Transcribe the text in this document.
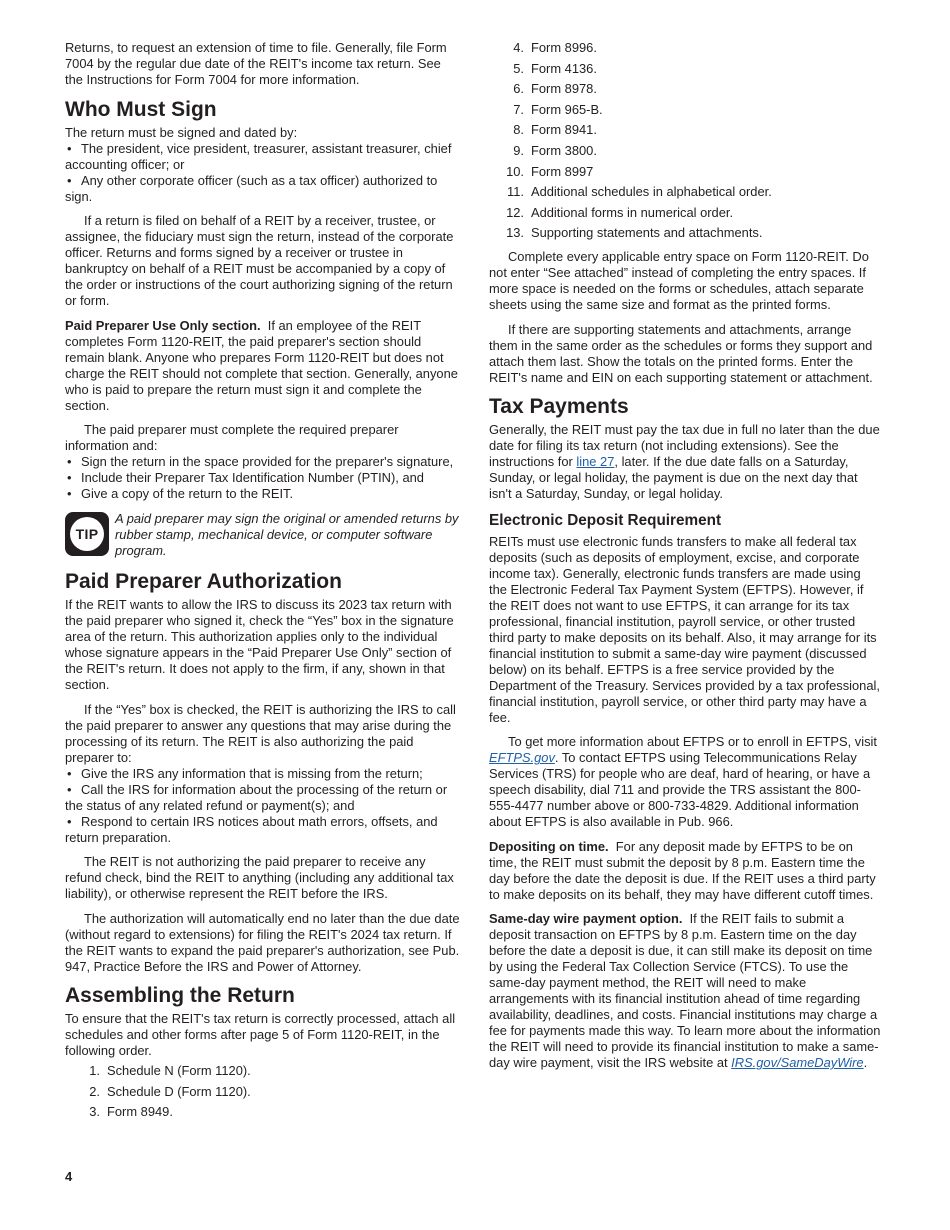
Returns, to request an extension of time to file. Generally, file Form 7004 by the regular due date of the REIT's income tax return. See the Instructions for Form 7004 for more information.

Who Must Sign
The return must be signed and dated by:
• The president, vice president, treasurer, assistant treasurer, chief accounting officer; or
• Any other corporate officer (such as a tax officer) authorized to sign.

If a return is filed on behalf of a REIT by a receiver, trustee, or assignee, the fiduciary must sign the return, instead of the corporate officer. Returns and forms signed by a receiver or trustee in bankruptcy on behalf of a REIT must be accompanied by a copy of the order or instructions of the court authorizing signing of the return or form.

Paid Preparer Use Only section. If an employee of the REIT completes Form 1120-REIT, the paid preparer's section should remain blank. Anyone who prepares Form 1120-REIT but does not charge the REIT should not complete that section. Generally, anyone who is paid to prepare the return must sign it and complete the section.

The paid preparer must complete the required preparer information and:
• Sign the return in the space provided for the preparer's signature,
• Include their Preparer Tax Identification Number (PTIN), and
• Give a copy of the return to the REIT.
TIP
A paid preparer may sign the original or amended returns by rubber stamp, mechanical device, or computer software program.
Paid Preparer Authorization

If the REIT wants to allow the IRS to discuss its 2023 tax return with the paid preparer who signed it, check the “Yes” box in the signature area of the return. This authorization applies only to the individual whose signature appears in the “Paid Preparer Use Only” section of the REIT's return. It does not apply to the firm, if any, shown in that section.

If the “Yes” box is checked, the REIT is authorizing the IRS to call the paid preparer to answer any questions that may arise during the processing of its return. The REIT is also authorizing the paid preparer to:
• Give the IRS any information that is missing from the return;
• Call the IRS for information about the processing of the return or the status of any related refund or payment(s); and
• Respond to certain IRS notices about math errors, offsets, and return preparation.

The REIT is not authorizing the paid preparer to receive any refund check, bind the REIT to anything (including any additional tax liability), or otherwise represent the REIT before the IRS.

The authorization will automatically end no later than the due date (without regard to extensions) for filing the REIT's 2024 tax return. If the REIT wants to expand the paid preparer's authorization, see Pub. 947, Practice Before the IRS and Power of Attorney.

Assembling the Return

To ensure that the REIT's tax return is correctly processed, attach all schedules and other forms after page 5 of Form 1120-REIT, in the following order.

1. Schedule N (Form 1120).
2. Schedule D (Form 1120).
3. Form 8949.
4. Form 8996.
5. Form 4136.
6. Form 8978.
7. Form 965-B.
8. Form 8941.
9. Form 3800.
10. Form 8997
11. Additional schedules in alphabetical order.
12. Additional forms in numerical order.
13. Supporting statements and attachments.

Complete every applicable entry space on Form 1120-REIT. Do not enter “See attached” instead of completing the entry spaces. If more space is needed on the forms or schedules, attach separate sheets using the same size and format as the printed forms.

If there are supporting statements and attachments, arrange them in the same order as the schedules or forms they support and attach them last. Show the totals on the printed forms. Enter the REIT's name and EIN on each supporting statement or attachment.

Tax Payments

Generally, the REIT must pay the tax due in full no later than the due date for filing its tax return (not including extensions). See the instructions for line 27, later. If the due date falls on a Saturday, Sunday, or legal holiday, the payment is due on the next day that isn't a Saturday, Sunday, or legal holiday.

Electronic Deposit Requirement

REITs must use electronic funds transfers to make all federal tax deposits (such as deposits of employment, excise, and corporate income tax). Generally, electronic funds transfers are made using the Electronic Federal Tax Payment System (EFTPS). However, if the REIT does not want to use EFTPS, it can arrange for its tax professional, financial institution, payroll service, or other trusted third party to make deposits on its behalf. Also, it may arrange for its financial institution to submit a same-day wire payment (discussed below) on its behalf. EFTPS is a free service provided by the Department of the Treasury. Services provided by a tax professional, financial institution, payroll service, or other third party may have a fee.

To get more information about EFTPS or to enroll in EFTPS, visit EFTPS.gov. To contact EFTPS using Telecommunications Relay Services (TRS) for people who are deaf, hard of hearing, or have a speech disability, dial 711 and provide the TRS assistant the 800-555-4477 number above or 800-733-4829. Additional information about EFTPS is also available in Pub. 966.

Depositing on time. For any deposit made by EFTPS to be on time, the REIT must submit the deposit by 8 p.m. Eastern time the day before the date the deposit is due. If the REIT uses a third party to make deposits on its behalf, they may have different cutoff times.

Same-day wire payment option. If the REIT fails to submit a deposit transaction on EFTPS by 8 p.m. Eastern time on the day before the date a deposit is due, it can still make its deposit on time by using the Federal Tax Collection Service (FTCS). To use the same-day payment method, the REIT will need to make arrangements with its financial institution ahead of time regarding availability, deadlines, and costs. Financial institutions may charge a fee for payments made this way. To learn more about the information the REIT will need to provide its financial institution to make a same-day wire payment, visit the IRS website at IRS.gov/SameDayWire.

4
